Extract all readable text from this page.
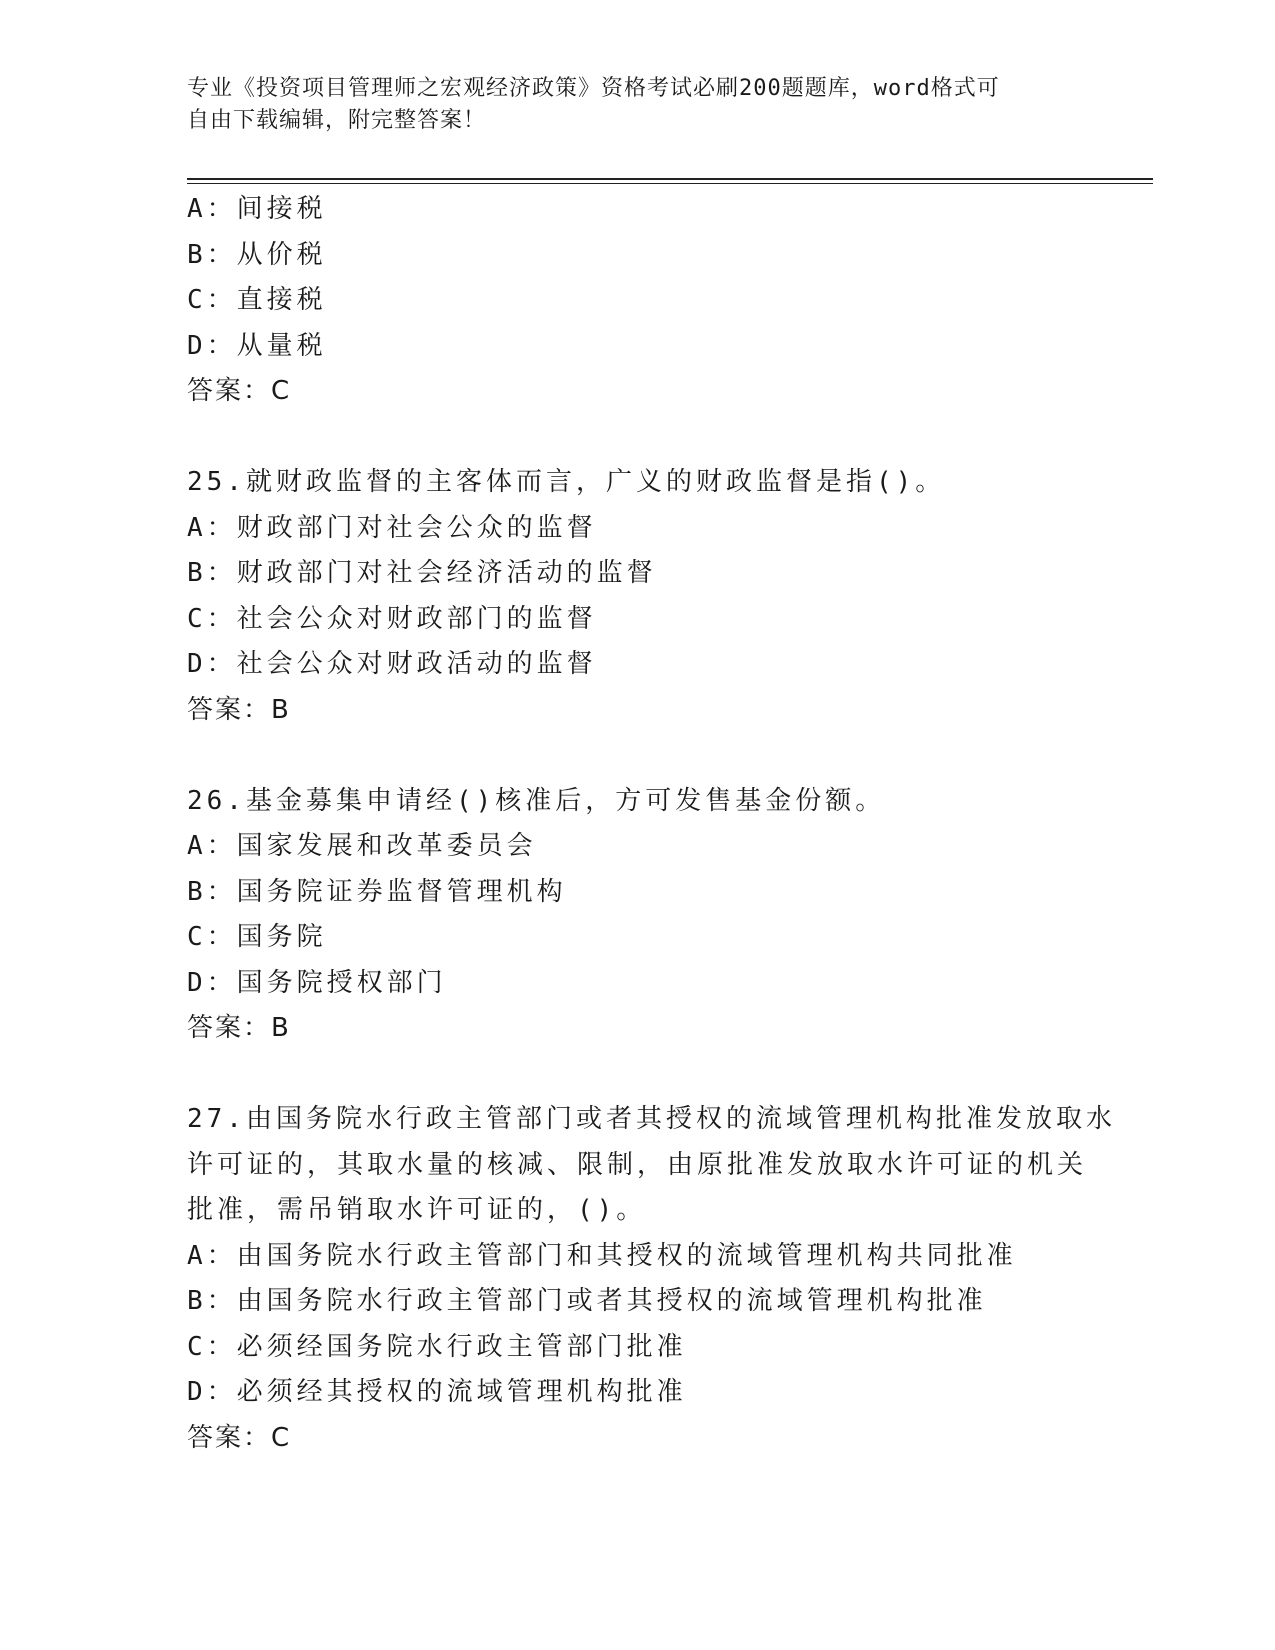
专业《投资项目管理师之宏观经济政策》资格考试必刷200题题库，word格式可
自由下载编辑，附完整答案！
A：间接税
B：从价税
C：直接税
D：从量税
答案：C
25.就财政监督的主客体而言，广义的财政监督是指()。
A：财政部门对社会公众的监督
B：财政部门对社会经济活动的监督
C：社会公众对财政部门的监督
D：社会公众对财政活动的监督
答案：B
26.基金募集申请经()核准后，方可发售基金份额。
A：国家发展和改革委员会
B：国务院证券监督管理机构
C：国务院
D：国务院授权部门
答案：B
27.由国务院水行政主管部门或者其授权的流域管理机构批准发放取水
许可证的，其取水量的核减、限制，由原批准发放取水许可证的机关
批准，需吊销取水许可证的，()。
A：由国务院水行政主管部门和其授权的流域管理机构共同批准
B：由国务院水行政主管部门或者其授权的流域管理机构批准
C：必须经国务院水行政主管部门批准
D：必须经其授权的流域管理机构批准
答案：C
